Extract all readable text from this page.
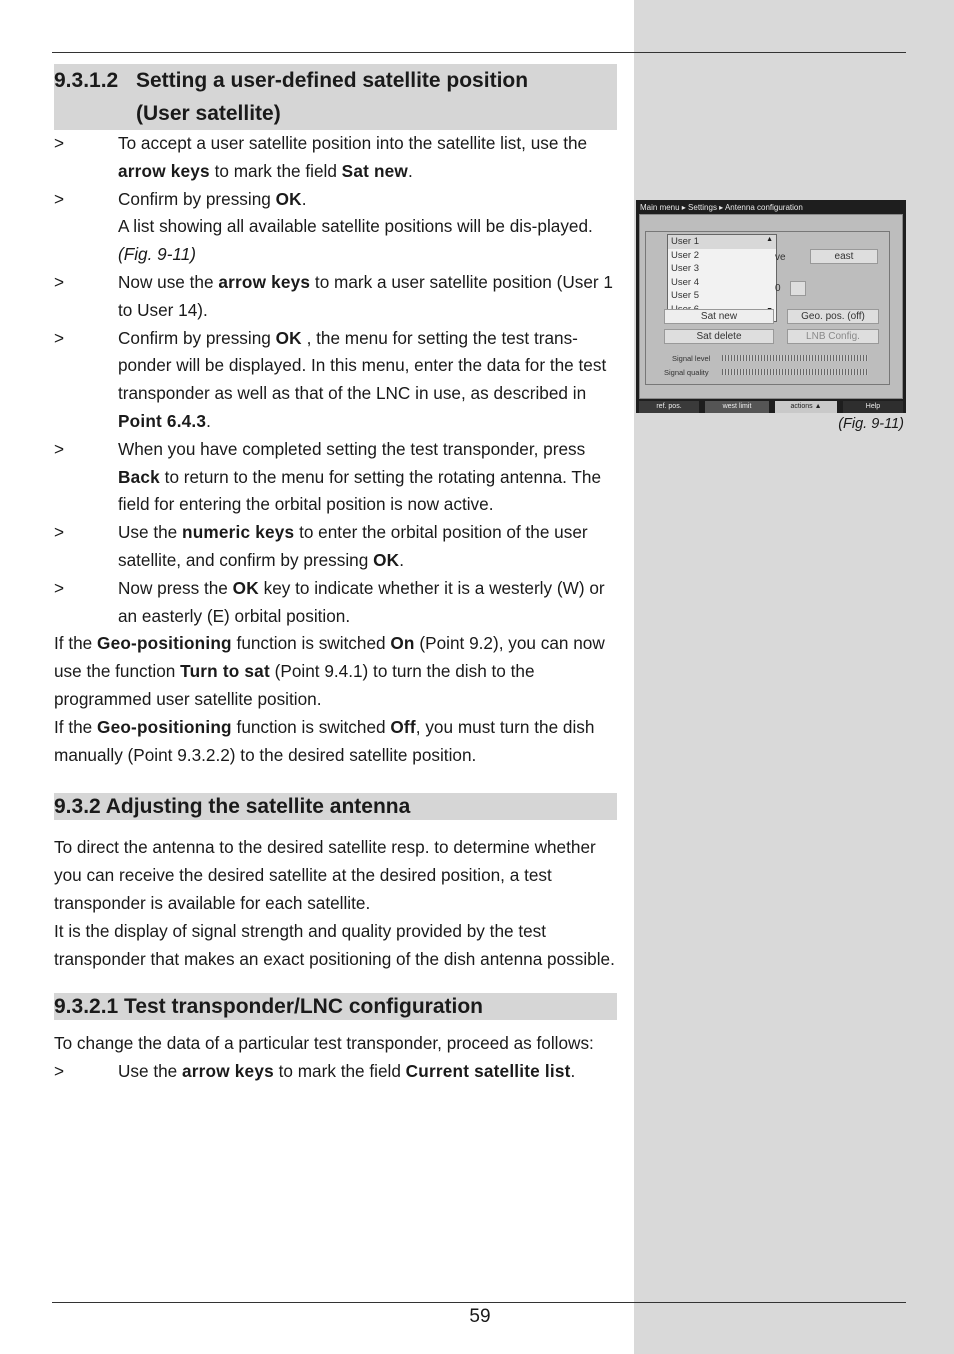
9.3.1.2 Setting a user-defined satellite position
(User satellite)
>	To accept a user satellite position into the satellite list, use the arrow keys to mark the field Sat new.

>	Confirm by pressing OK.
A list showing all available satellite positions will be dis-played. (Fig. 9-11)

>	Now use the arrow keys to mark a user satellite position (User 1 to User 14).

>	Confirm by pressing OK , the menu for setting the test trans-ponder will be displayed. In this menu, enter the data for the test transponder as well as that of the LNC in use, as described in Point 6.4.3.

>	When you have completed setting the test transponder, press Back to return to the menu for setting the rotating antenna. The field for entering the orbital position is now active.

>	Use the numeric keys to enter the orbital position of the user satellite, and confirm by pressing OK.

>	Now press the OK key to indicate whether it is a westerly (W) or an easterly (E) orbital position.

If the Geo-positioning function is switched On (Point 9.2), you can now use the function Turn to sat (Point 9.4.1) to turn the dish to the programmed user satellite position.

If the Geo-positioning function is switched Off, you must turn the dish manually (Point 9.3.2.2) to the desired satellite position.

9.3.2 Adjusting the satellite antenna

To direct the antenna to the desired satellite resp. to determine whether you can receive the desired satellite at the desired position, a test transponder is available for each satellite.

It is the display of signal strength and quality provided by the test transponder that makes an exact positioning of the dish antenna possible.

9.3.2.1 Test transponder/LNC configuration

To change the data of a particular test transponder, proceed as follows:

>	Use the arrow keys to mark the field Current satellite list.

Main menu ▸ Settings ▸ Antenna configuration
User 1
User 2
User 3
User 4
User 5
▲
ve	east
0
Sat new	Geo. pos. (off)
Sat delete	LNB Config.
Signal level
Signal quality
ref. pos.	west limit	actions ▲	Help
(Fig. 9-11)
59
